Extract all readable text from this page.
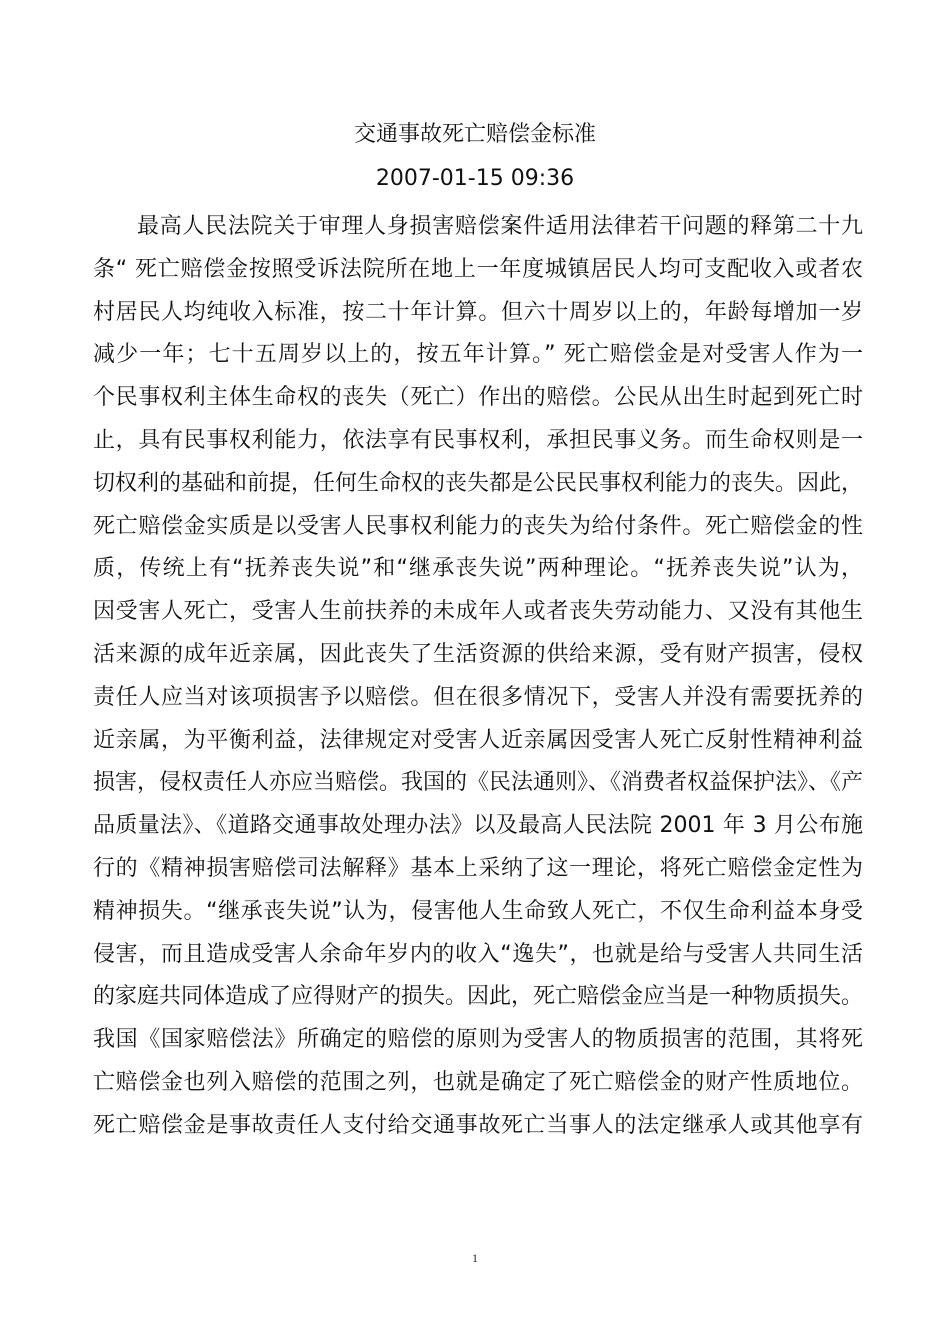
交通事故死亡赔偿金标准
2007-01-15 09:36
最高人民法院关于审理人身损害赔偿案件适用法律若干问题的释第二十九
条“ 死亡赔偿金按照受诉法院所在地上一年度城镇居民人均可支配收入或者农
村居民人均纯收入标准，按二十年计算。但六十周岁以上的，年龄每增加一岁
减少一年；七十五周岁以上的，按五年计算。” 死亡赔偿金是对受害人作为一
个民事权利主体生命权的丧失（死亡）作出的赔偿。公民从出生时起到死亡时
止，具有民事权利能力，依法享有民事权利，承担民事义务。而生命权则是一
切权利的基础和前提，任何生命权的丧失都是公民民事权利能力的丧失。因此，
死亡赔偿金实质是以受害人民事权利能力的丧失为给付条件。死亡赔偿金的性
质，传统上有“抚养丧失说”和“继承丧失说”两种理论。“抚养丧失说”认为，
因受害人死亡，受害人生前扶养的未成年人或者丧失劳动能力、又没有其他生
活来源的成年近亲属，因此丧失了生活资源的供给来源，受有财产损害，侵权
责任人应当对该项损害予以赔偿。但在很多情况下，受害人并没有需要抚养的
近亲属，为平衡利益，法律规定对受害人近亲属因受害人死亡反射性精神利益
损害，侵权责任人亦应当赔偿。我国的《民法通则》、《消费者权益保护法》、《产
品质量法》、《道路交通事故处理办法》以及最高人民法院 2001 年 3 月公布施
行的《精神损害赔偿司法解释》基本上采纳了这一理论，将死亡赔偿金定性为
精神损失。“继承丧失说”认为，侵害他人生命致人死亡，不仅生命利益本身受
侵害，而且造成受害人余命年岁内的收入“逸失”，也就是给与受害人共同生活
的家庭共同体造成了应得财产的损失。因此，死亡赔偿金应当是一种物质损失。
我国《国家赔偿法》所确定的赔偿的原则为受害人的物质损害的范围，其将死
亡赔偿金也列入赔偿的范围之列，也就是确定了死亡赔偿金的财产性质地位。
死亡赔偿金是事故责任人支付给交通事故死亡当事人的法定继承人或其他享有
1
